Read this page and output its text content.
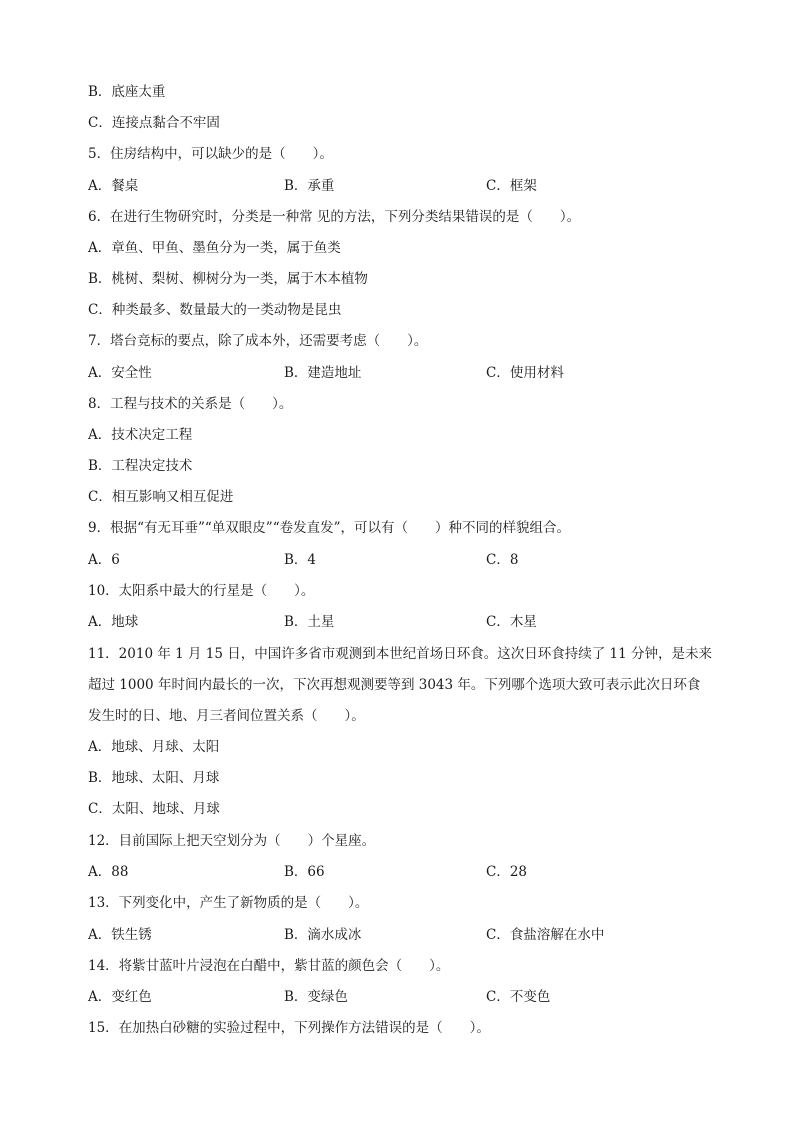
B．底座太重
C．连接点黏合不牢固
5．住房结构中，可以缺少的是（　　）。
A．餐桌	B．承重	C．框架
6．在进行生物研究时，分类是一种常 见的方法，下列分类结果错误的是（　　）。
A．章鱼、甲鱼、墨鱼分为一类，属于鱼类
B．桃树、梨树、柳树分为一类，属于木本植物
C．种类最多、数量最大的一类动物是昆虫
7．塔台竞标的要点，除了成本外，还需要考虑（　　）。
A．安全性	B．建造地址	C．使用材料
8．工程与技术的关系是（　　）。
A．技术决定工程
B．工程决定技术
C．相互影响又相互促进
9．根据“有无耳垂”“单双眼皮”“卷发直发”，可以有（　　）种不同的样貌组合。
A．6	B．4	C．8
10．太阳系中最大的行星是（　　）。
A．地球	B．土星	C．木星
11．2010 年 1 月 15 日，中国许多省市观测到本世纪首场日环食。这次日环食持续了 11 分钟，是未来
超过 1000 年时间内最长的一次，下次再想观测要等到 3043 年。下列哪个选项大致可表示此次日环食
发生时的日、地、月三者间位置关系（　　）。
A．地球、月球、太阳
B．地球、太阳、月球
C．太阳、地球、月球
12．目前国际上把天空划分为（　　）个星座。
A．88	B．66	C．28
13．下列变化中，产生了新物质的是（　　）。
A．铁生锈	B．滴水成冰	C．食盐溶解在水中
14．将紫甘蓝叶片浸泡在白醋中，紫甘蓝的颜色会（　　）。
A．变红色	B．变绿色	C．不变色
15．在加热白砂糖的实验过程中，下列操作方法错误的是（　　）。
